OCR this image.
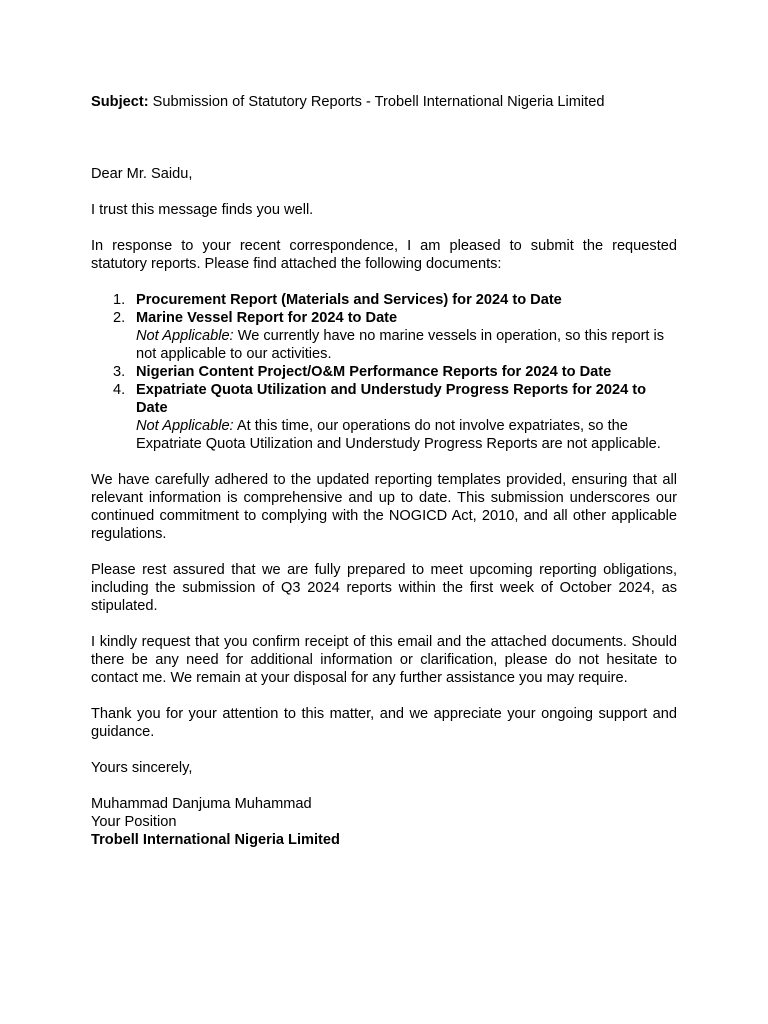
Subject: Submission of Statutory Reports - Trobell International Nigeria Limited

Dear Mr. Saidu,

I trust this message finds you well.

In response to your recent correspondence, I am pleased to submit the requested statutory reports. Please find attached the following documents:

1. Procurement Report (Materials and Services) for 2024 to Date
2. Marine Vessel Report for 2024 to Date
Not Applicable: We currently have no marine vessels in operation, so this report is not applicable to our activities.
3. Nigerian Content Project/O&M Performance Reports for 2024 to Date
4. Expatriate Quota Utilization and Understudy Progress Reports for 2024 to Date
Not Applicable: At this time, our operations do not involve expatriates, so the Expatriate Quota Utilization and Understudy Progress Reports are not applicable.

We have carefully adhered to the updated reporting templates provided, ensuring that all relevant information is comprehensive and up to date. This submission underscores our continued commitment to complying with the NOGICD Act, 2010, and all other applicable regulations.

Please rest assured that we are fully prepared to meet upcoming reporting obligations, including the submission of Q3 2024 reports within the first week of October 2024, as stipulated.

I kindly request that you confirm receipt of this email and the attached documents. Should there be any need for additional information or clarification, please do not hesitate to contact me. We remain at your disposal for any further assistance you may require.

Thank you for your attention to this matter, and we appreciate your ongoing support and guidance.

Yours sincerely,

Muhammad Danjuma Muhammad
Your Position
Trobell International Nigeria Limited
